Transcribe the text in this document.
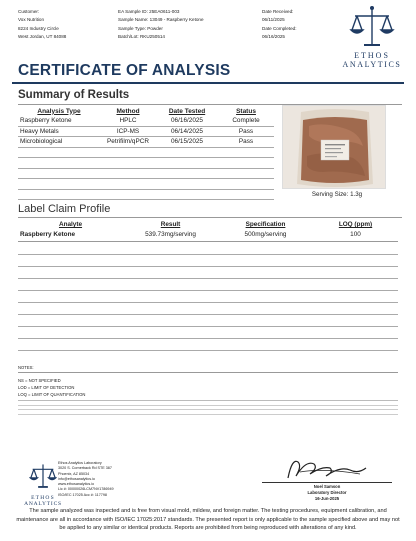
Customer:
Vox Nutrition
8224 Industry Circle
West Jordan, UT 84088
EA Sample ID: 25EA0611-003
Sample Name: 13049 - Raspberry Ketone
Sample Type: Powder
Batch/Lot: RKU250514
Date Received:
06/11/2025
Date Completed:
06/16/2025
ETHOS
ANALYTICS
CERTIFICATE OF ANALYSIS
Summary of Results
Analysis Type	Method	Date Tested	Status
Raspberry Ketone	HPLC	06/16/2025	Complete
Heavy Metals	ICP-MS	06/14/2025	Pass
Microbiological	Petrifilm/qPCR	06/15/2025	Pass

Serving Size: 1.3g
Label Claim Profile
Analyte	Result	Specification	LOQ (ppm)
Raspberry Ketone	539.73mg/serving	500mg/serving	100
NOTES:
NS = NOT SPECIFIED
LOD = LIMIT OF DETECTION
LOQ = LIMIT OF QUANTIFICATION
ETHOS
ANALYTICS
Ethos Analytics Laboratory
3020 S. Cornerback Rd STE 387
Phoenix, AZ 85034
info@ethosanalytics.io
www.ethosanalytics.io
Lic #: 00000026LCM7NV1786949
ISO/IEC 17025 Acc #: 117798
Noel Samson
Laboratory Director
16-Jun-2025
The sample analyzed was inspected and is free from visual mold, mildew, and foreign matter. The testing procedures, equipment calibration, and maintenance are all in accordance with ISO/IEC 17025:2017 standards. The presented report is only applicable to the sample specified above and may not be applied to any similar or identical products. Reports are prohibited from being reproduced with alterations of any kind.
